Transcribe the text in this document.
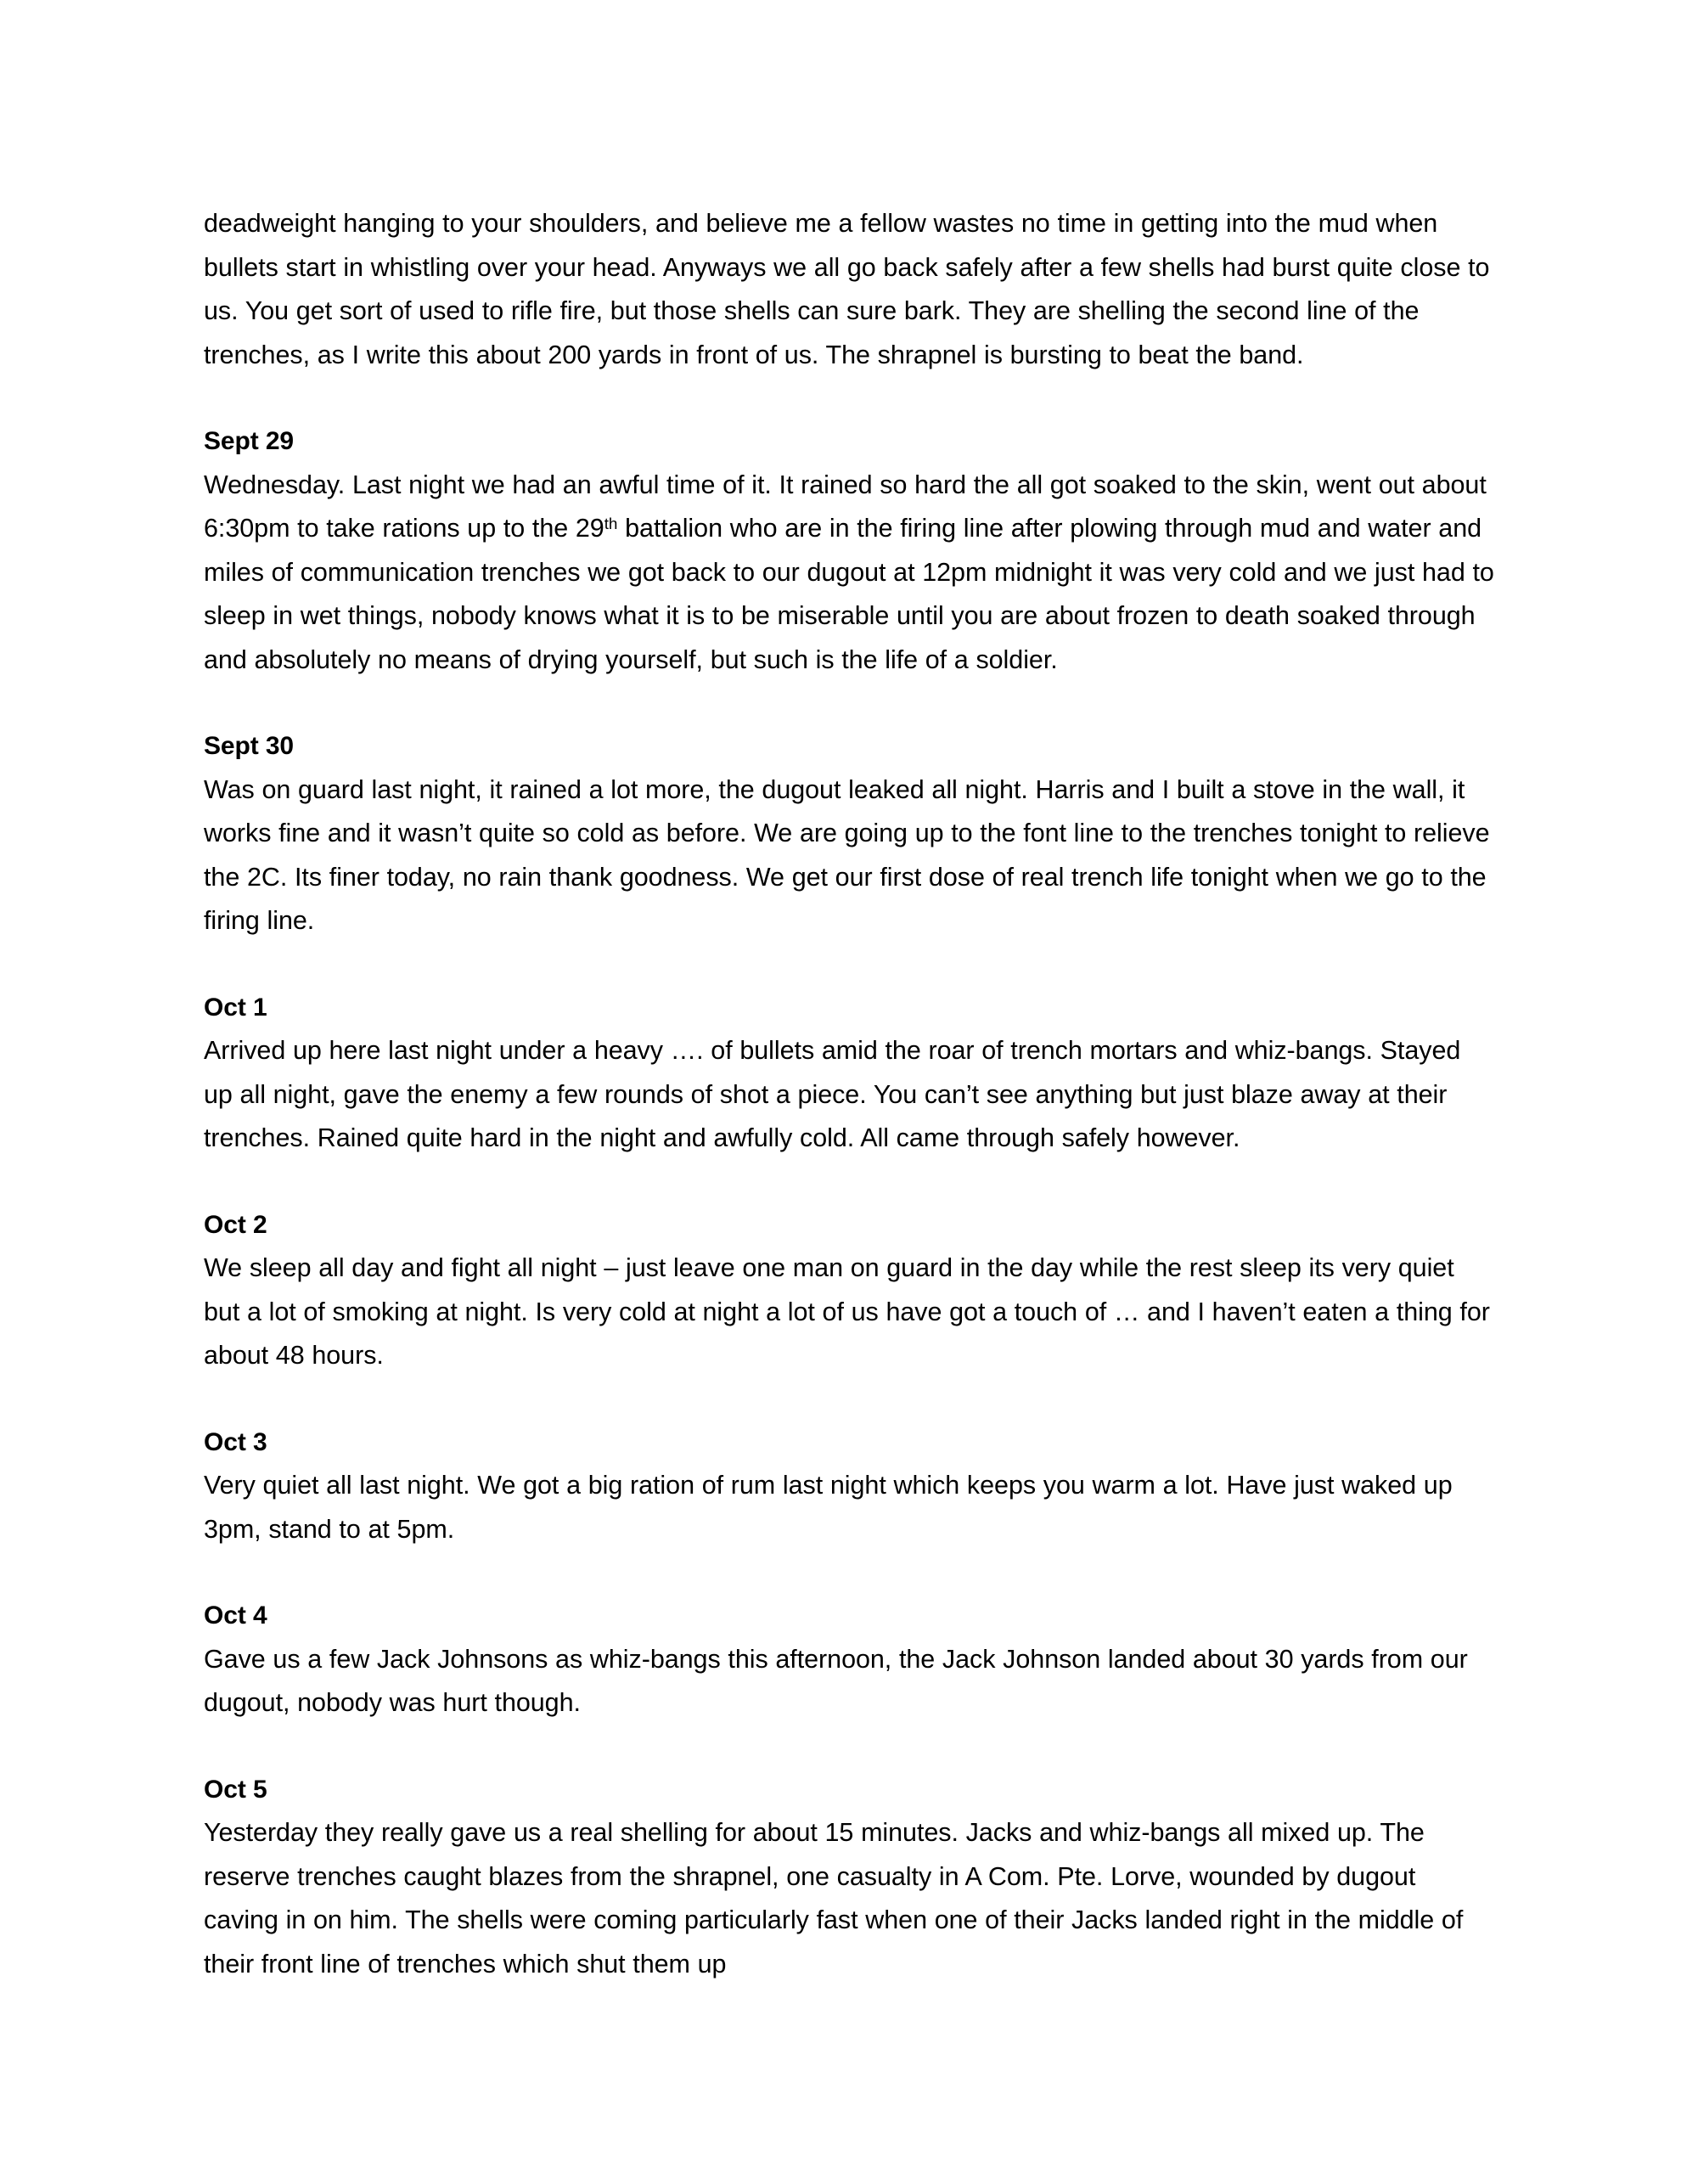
deadweight hanging to your shoulders, and believe me a fellow wastes no time in getting into the mud when bullets start in whistling over your head. Anyways we all go back safely after a few shells had burst quite close to us. You get sort of used to rifle fire, but those shells can sure bark. They are shelling the second line of the trenches, as I write this about 200 yards in front of us. The shrapnel is bursting to beat the band.

Sept 29

Wednesday. Last night we had an awful time of it. It rained so hard the all got soaked to the skin, went out about 6:30pm to take rations up to the 29th battalion who are in the firing line after plowing through mud and water and miles of communication trenches we got back to our dugout at 12pm midnight it was very cold and we just had to sleep in wet things, nobody knows what it is to be miserable until you are about frozen to death soaked through and absolutely no means of drying yourself, but such is the life of a soldier.

Sept 30

Was on guard last night, it rained a lot more, the dugout leaked all night. Harris and I built a stove in the wall, it works fine and it wasn’t quite so cold as before. We are going up to the font line to the trenches tonight to relieve the 2C. Its finer today, no rain thank goodness. We get our first dose of real trench life tonight when we go to the firing line.

Oct 1

Arrived up here last night under a heavy …. of bullets amid the roar of trench mortars and whiz-bangs. Stayed up all night, gave the enemy a few rounds of shot a piece. You can’t see anything but just blaze away at their trenches. Rained quite hard in the night and awfully cold. All came through safely however.

Oct 2

We sleep all day and fight all night – just leave one man on guard in the day while the rest sleep its very quiet but a lot of smoking at night. Is very cold at night a lot of us have got a touch of … and I haven’t eaten a thing for about 48 hours.

Oct 3

Very quiet all last night. We got a big ration of rum last night which keeps you warm a lot. Have just waked up 3pm, stand to at 5pm.

Oct 4

Gave us a few Jack Johnsons as whiz-bangs this afternoon, the Jack Johnson landed about 30 yards from our dugout, nobody was hurt though.

Oct 5

Yesterday they really gave us a real shelling for about 15 minutes. Jacks and whiz-bangs all mixed up. The reserve trenches caught blazes from the shrapnel, one casualty in A Com. Pte. Lorve, wounded by dugout caving in on him. The shells were coming particularly fast when one of their Jacks landed right in the middle of their front line of trenches which shut them up
